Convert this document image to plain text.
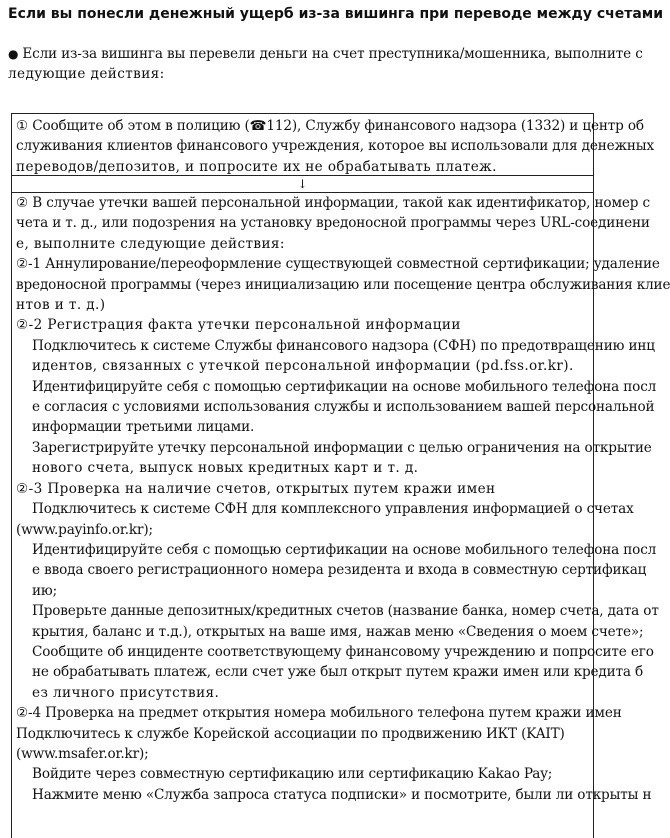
Если вы понесли денежный ущерб из-за вишинга при переводе между счетами
● Если из-за вишинга вы перевели деньги на счет преступника/мошенника, выполните с
ледующие действия:
① Сообщите об этом в полицию (☎112), Службу финансового надзора (1332) и центр об
служивания клиентов финансового учреждения, которое вы использовали для денежных
переводов/депозитов, и попросите их не обрабатывать платеж.
↓
② В случае утечки вашей персональной информации, такой как идентификатор, номер с
чета и т. д., или подозрения на установку вредоносной программы через URL-соединени
е, выполните следующие действия:
②-1 Аннулирование/переоформление существующей совместной сертификации; удаление
вредоносной программы (через инициализацию или посещение центра обслуживания клие
нтов и т. д.)
②-2 Регистрация факта утечки персональной информации
Подключитесь к системе Службы финансового надзора (СФН) по предотвращению инц
идентов, связанных с утечкой персональной информации (pd.fss.or.kr).
Идентифицируйте себя с помощью сертификации на основе мобильного телефона посл
е согласия с условиями использования службы и использованием вашей персональной
информации третьими лицами.
Зарегистрируйте утечку персональной информации с целью ограничения на открытие
нового счета, выпуск новых кредитных карт и т. д.
②-3 Проверка на наличие счетов, открытых путем кражи имен
Подключитесь к системе СФН для комплексного управления информацией о счетах
(www.payinfo.or.kr);
Идентифицируйте себя с помощью сертификации на основе мобильного телефона посл
е ввода своего регистрационного номера резидента и входа в совместную сертификац
ию;
Проверьте данные депозитных/кредитных счетов (название банка, номер счета, дата от
крытия, баланс и т.д.), открытых на ваше имя, нажав меню «Сведения о моем счете»;
Сообщите об инциденте соответствующему финансовому учреждению и попросите его
не обрабатывать платеж, если счет уже был открыт путем кражи имен или кредита б
ез личного присутствия.
②-4 Проверка на предмет открытия номера мобильного телефона путем кражи имен
Подключитесь к службе Корейской ассоциации по продвижению ИКТ (KAIT)
(www.msafer.or.kr);
Войдите через совместную сертификацию или сертификацию Kakao Pay;
Нажмите меню «Служба запроса статуса подписки» и посмотрите, были ли открыты н
